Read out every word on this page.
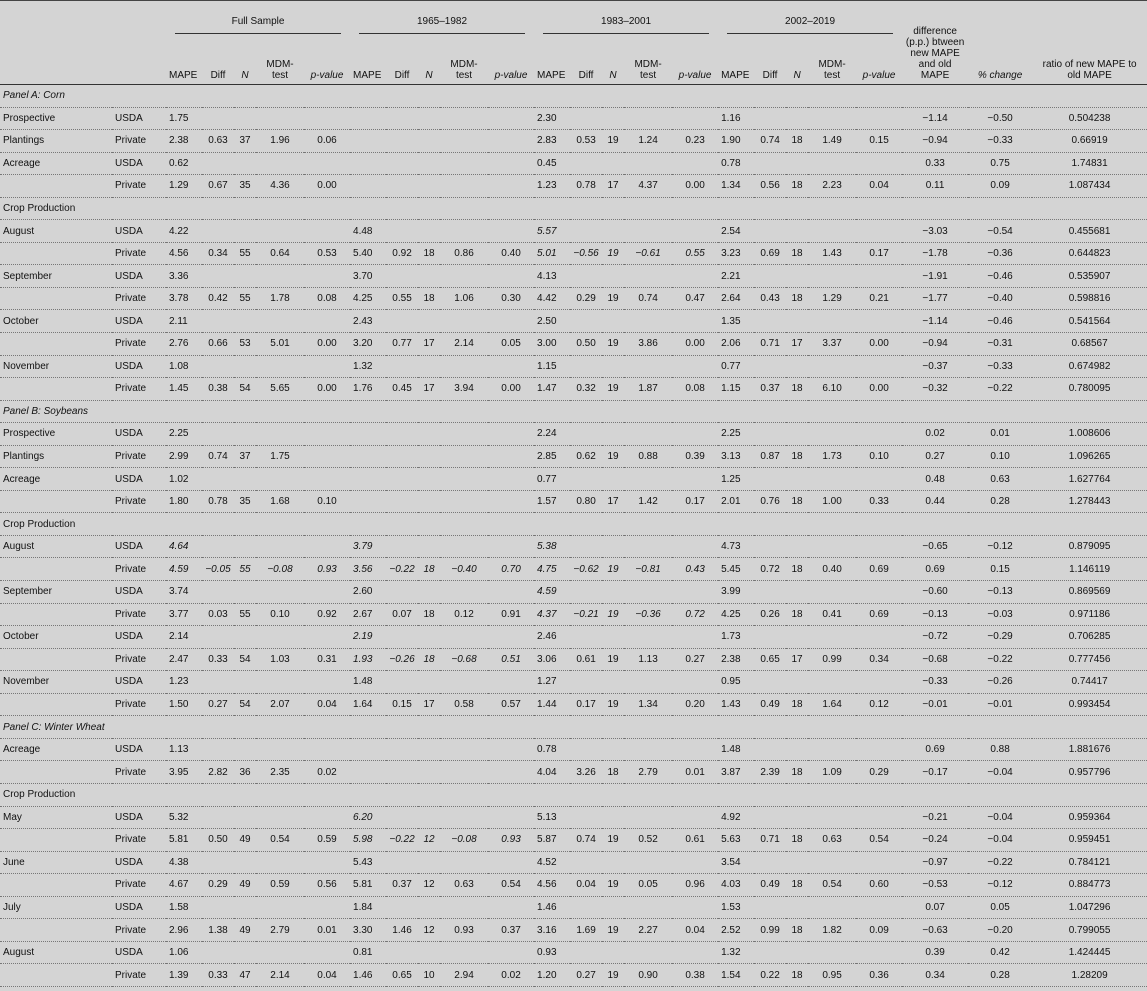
		Full Sample					1965–1982					1983–2001					2002–2019					difference (p.p.) btween new MAPE and old MAPE	% change	ratio of new MAPE to old MAPE
		MAPE	Diff	N	MDM-test	p-value	MAPE	Diff	N	MDM-test	p-value	MAPE	Diff	N	MDM-test	p-value	MAPE	Diff	N	MDM-test	p-value			
Panel A: Corn																								
Prospective	USDA	1.75										2.30					1.16					−1.14	−0.50	0.504238
Plantings	Private	2.38	0.63	37	1.96	0.06						2.83	0.53	19	1.24	0.23	1.90	0.74	18	1.49	0.15	−0.94	−0.33	0.66919
Acreage	USDA	0.62										0.45					0.78					0.33	0.75	1.74831
	Private	1.29	0.67	35	4.36	0.00						1.23	0.78	17	4.37	0.00	1.34	0.56	18	2.23	0.04	0.11	0.09	1.087434
Crop Production																								
August	USDA	4.22					4.48					5.57					2.54					−3.03	−0.54	0.455681
	Private	4.56	0.34	55	0.64	0.53	5.40	0.92	18	0.86	0.40	5.01	−0.56	19	−0.61	0.55	3.23	0.69	18	1.43	0.17	−1.78	−0.36	0.644823
September	USDA	3.36					3.70					4.13					2.21					−1.91	−0.46	0.535907
	Private	3.78	0.42	55	1.78	0.08	4.25	0.55	18	1.06	0.30	4.42	0.29	19	0.74	0.47	2.64	0.43	18	1.29	0.21	−1.77	−0.40	0.598816
October	USDA	2.11					2.43					2.50					1.35					−1.14	−0.46	0.541564
	Private	2.76	0.66	53	5.01	0.00	3.20	0.77	17	2.14	0.05	3.00	0.50	19	3.86	0.00	2.06	0.71	17	3.37	0.00	−0.94	−0.31	0.68567
November	USDA	1.08					1.32					1.15					0.77					−0.37	−0.33	0.674982
	Private	1.45	0.38	54	5.65	0.00	1.76	0.45	17	3.94	0.00	1.47	0.32	19	1.87	0.08	1.15	0.37	18	6.10	0.00	−0.32	−0.22	0.780095
Panel B: Soybeans																								
Prospective	USDA	2.25										2.24					2.25					0.02	0.01	1.008606
Plantings	Private	2.99	0.74	37	1.75							2.85	0.62	19	0.88	0.39	3.13	0.87	18	1.73	0.10	0.27	0.10	1.096265
Acreage	USDA	1.02										0.77					1.25					0.48	0.63	1.627764
	Private	1.80	0.78	35	1.68	0.10						1.57	0.80	17	1.42	0.17	2.01	0.76	18	1.00	0.33	0.44	0.28	1.278443
Crop Production																								
August	USDA	4.64					3.79					5.38					4.73					−0.65	−0.12	0.879095
	Private	4.59	−0.05	55	−0.08	0.93	3.56	−0.22	18	−0.40	0.70	4.75	−0.62	19	−0.81	0.43	5.45	0.72	18	0.40	0.69	0.69	0.15	1.146119
September	USDA	3.74					2.60					4.59					3.99					−0.60	−0.13	0.869569
	Private	3.77	0.03	55	0.10	0.92	2.67	0.07	18	0.12	0.91	4.37	−0.21	19	−0.36	0.72	4.25	0.26	18	0.41	0.69	−0.13	−0.03	0.971186
October	USDA	2.14					2.19					2.46					1.73					−0.72	−0.29	0.706285
	Private	2.47	0.33	54	1.03	0.31	1.93	−0.26	18	−0.68	0.51	3.06	0.61	19	1.13	0.27	2.38	0.65	17	0.99	0.34	−0.68	−0.22	0.777456
November	USDA	1.23					1.48					1.27					0.95					−0.33	−0.26	0.74417
	Private	1.50	0.27	54	2.07	0.04	1.64	0.15	17	0.58	0.57	1.44	0.17	19	1.34	0.20	1.43	0.49	18	1.64	0.12	−0.01	−0.01	0.993454
Panel C: Winter Wheat																								
Acreage	USDA	1.13										0.78					1.48					0.69	0.88	1.881676
	Private	3.95	2.82	36	2.35	0.02						4.04	3.26	18	2.79	0.01	3.87	2.39	18	1.09	0.29	−0.17	−0.04	0.957796
Crop Production																								
May	USDA	5.32					6.20					5.13					4.92					−0.21	−0.04	0.959364
	Private	5.81	0.50	49	0.54	0.59	5.98	−0.22	12	−0.08	0.93	5.87	0.74	19	0.52	0.61	5.63	0.71	18	0.63	0.54	−0.24	−0.04	0.959451
June	USDA	4.38					5.43					4.52					3.54					−0.97	−0.22	0.784121
	Private	4.67	0.29	49	0.59	0.56	5.81	0.37	12	0.63	0.54	4.56	0.04	19	0.05	0.96	4.03	0.49	18	0.54	0.60	−0.53	−0.12	0.884773
July	USDA	1.58					1.84					1.46					1.53					0.07	0.05	1.047296
	Private	2.96	1.38	49	2.79	0.01	3.30	1.46	12	0.93	0.37	3.16	1.69	19	2.27	0.04	2.52	0.99	18	1.82	0.09	−0.63	−0.20	0.799055
August	USDA	1.06					0.81					0.93					1.32					0.39	0.42	1.424445
	Private	1.39	0.33	47	2.14	0.04	1.46	0.65	10	2.94	0.02	1.20	0.27	19	0.90	0.38	1.54	0.22	18	0.95	0.36	0.34	0.28	1.28209
